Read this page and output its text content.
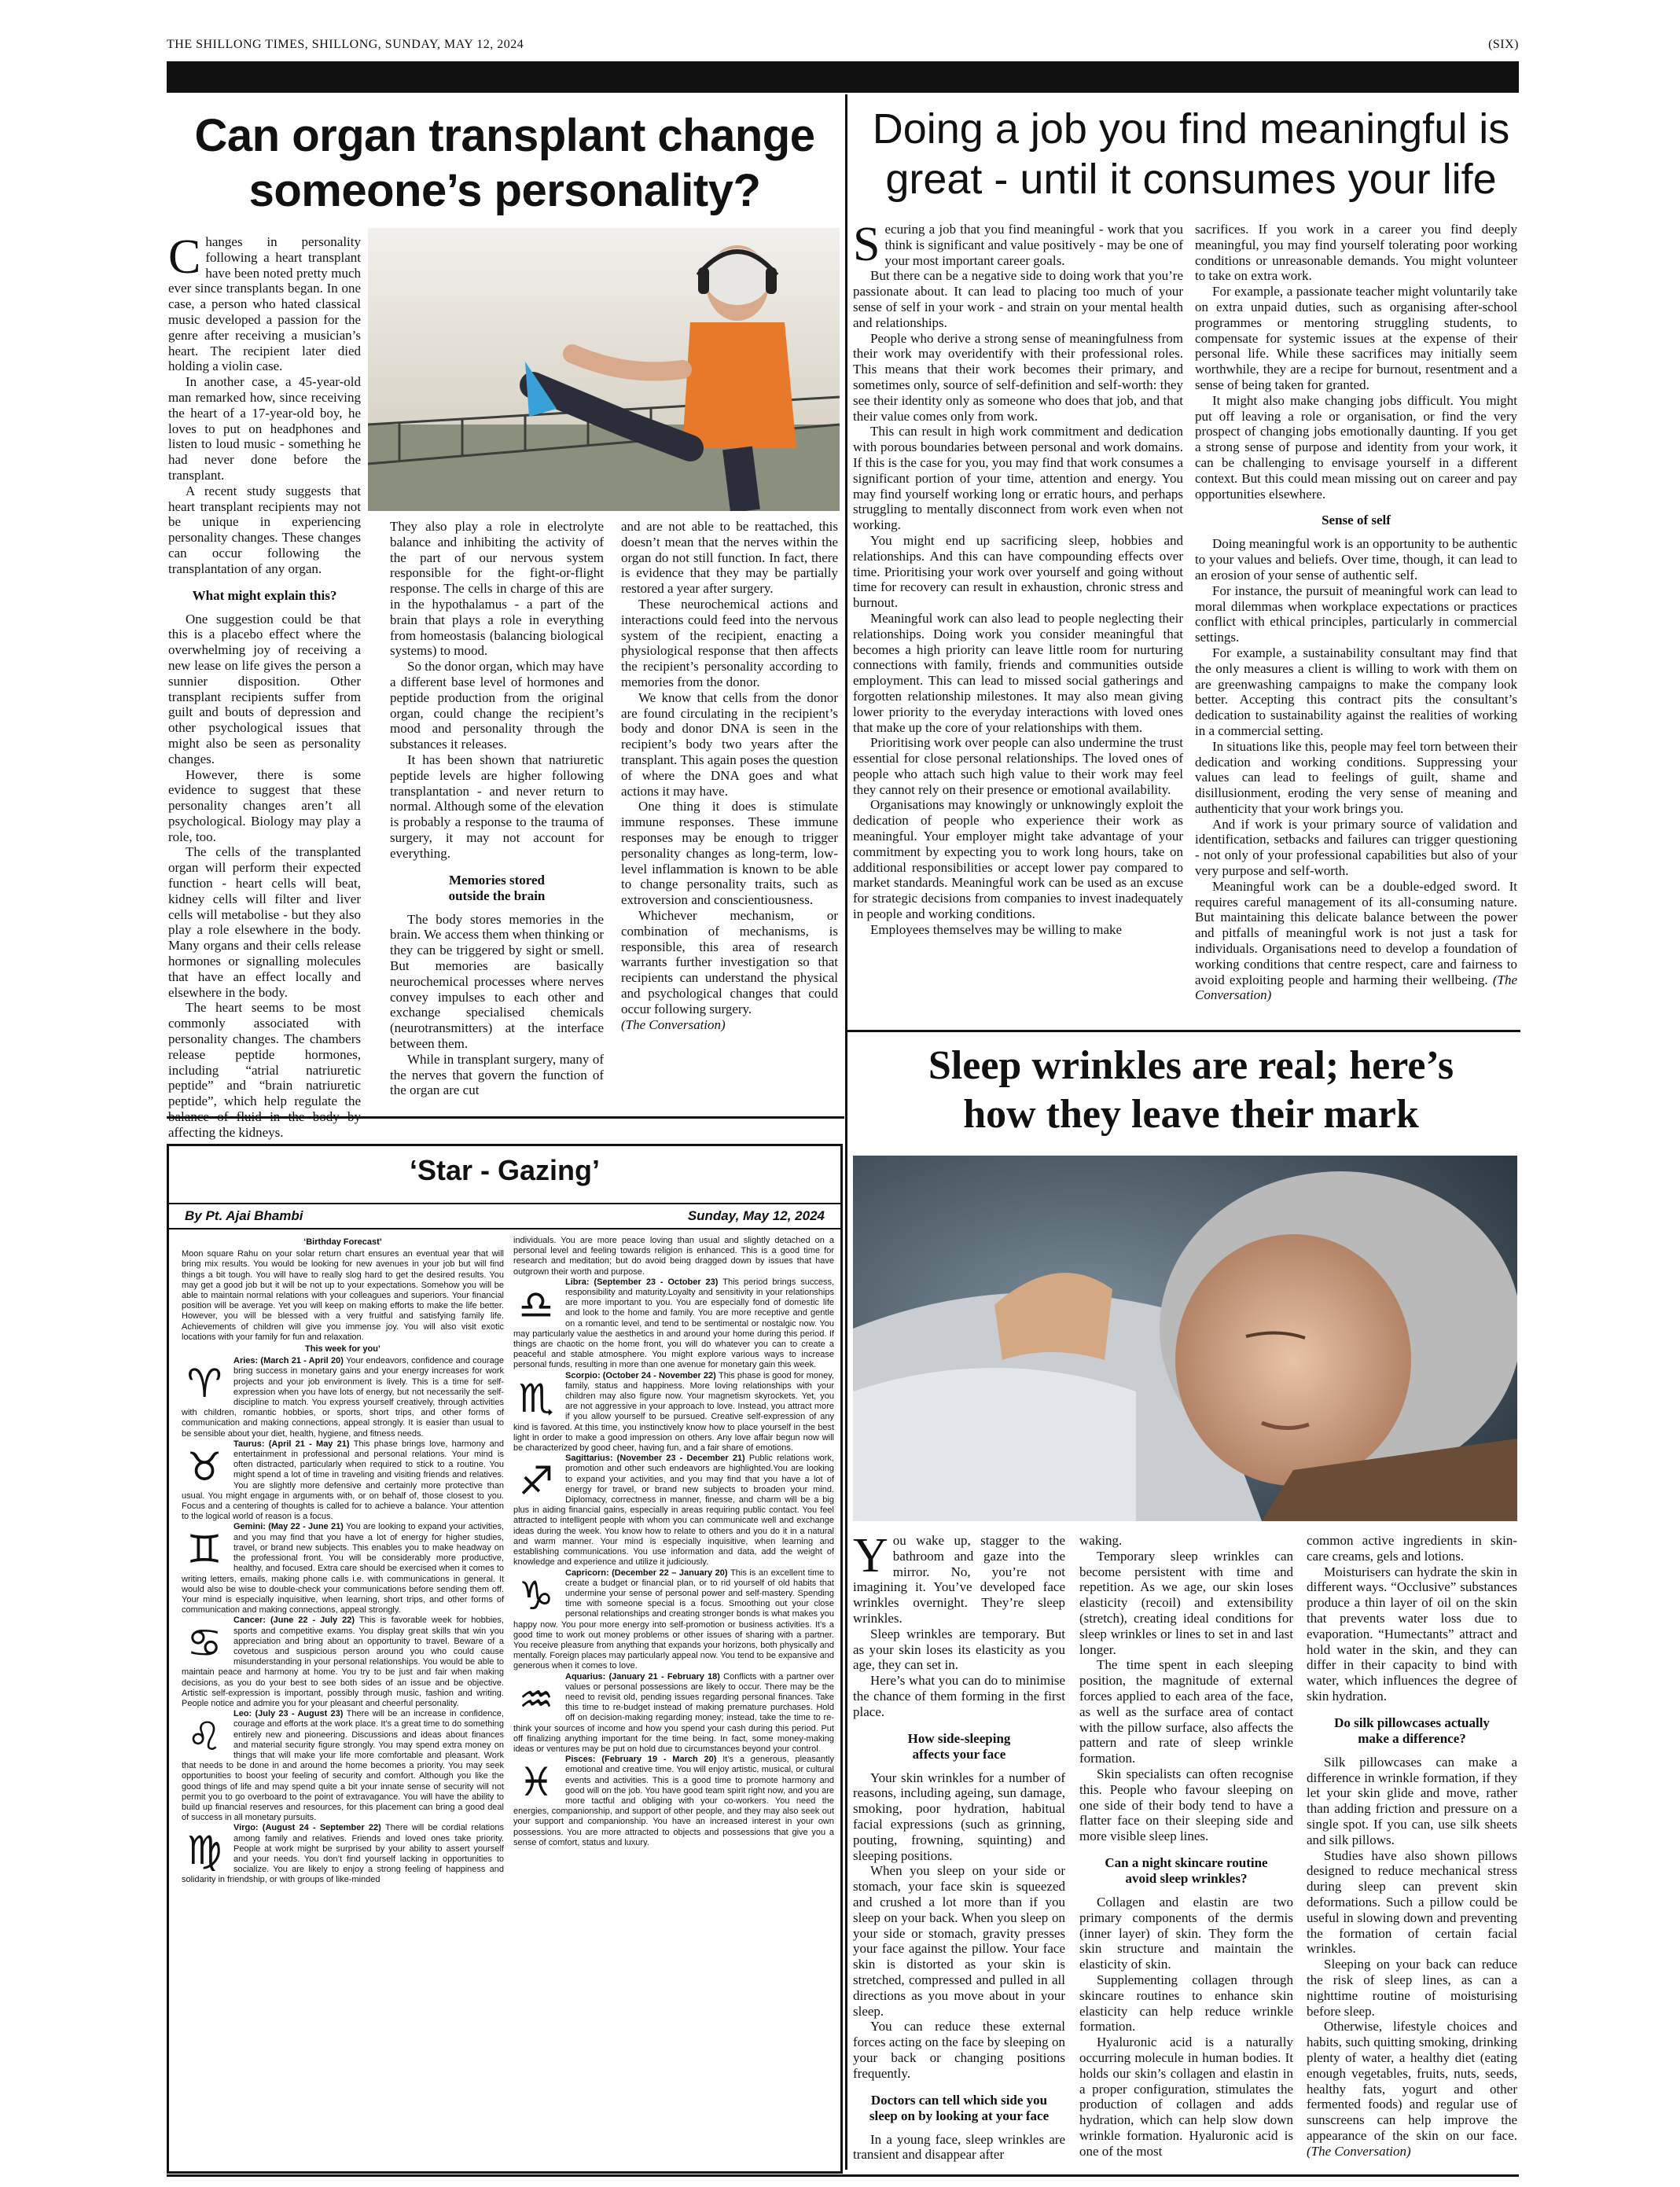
THE SHILLONG TIMES, SHILLONG, SUNDAY, MAY 12, 2024	(SIX)
Can organ transplant change
someone’s personality?

Changes in personality following a heart transplant have been noted pretty much ever since transplants began. In one case, a person who hated classical music developed a passion for the genre after receiving a musician’s heart. The recipient later died holding a violin case.

In another case, a 45-year-old man remarked how, since receiving the heart of a 17-year-old boy, he loves to put on headphones and listen to loud music - something he had never done before the transplant.

A recent study suggests that heart transplant recipients may not be unique in experiencing personality changes. These changes can occur following the transplantation of any organ.

What might explain this?

One suggestion could be that this is a placebo effect where the overwhelming joy of receiving a new lease on life gives the person a sunnier disposition. Other transplant recipients suffer from guilt and bouts of depression and other psychological issues that might also be seen as personality changes.

However, there is some evidence to suggest that these personality changes aren’t all psychological. Biology may play a role, too.

The cells of the transplanted organ will perform their expected function - heart cells will beat, kidney cells will filter and liver cells will metabolise - but they also play a role elsewhere in the body. Many organs and their cells release hormones or signalling molecules that have an effect locally and elsewhere in the body.

The heart seems to be most commonly associated with personality changes. The chambers release peptide hormones, including “atrial natriuretic peptide” and “brain natriuretic peptide”, which help regulate the balance of fluid in the body by affecting the kidneys.

They also play a role in electrolyte balance and inhibiting the activity of the part of our nervous system responsible for the fight-or-flight response. The cells in charge of this are in the hypothalamus - a part of the brain that plays a role in everything from homeostasis (balancing biological systems) to mood.

So the donor organ, which may have a different base level of hormones and peptide production from the original organ, could change the recipient’s mood and personality through the substances it releases.

It has been shown that natriuretic peptide levels are higher following transplantation - and never return to normal. Although some of the elevation is probably a response to the trauma of surgery, it may not account for everything.

Memories stored
outside the brain

The body stores memories in the brain. We access them when thinking or they can be triggered by sight or smell. But memories are basically neurochemical processes where nerves convey impulses to each other and exchange specialised chemicals (neurotransmitters) at the interface between them.

While in transplant surgery, many of the nerves that govern the function of the organ are cut

and are not able to be reattached, this doesn’t mean that the nerves within the organ do not still function. In fact, there is evidence that they may be partially restored a year after surgery.

These neurochemical actions and interactions could feed into the nervous system of the recipient, enacting a physiological response that then affects the recipient’s personality according to memories from the donor.

We know that cells from the donor are found circulating in the recipient’s body and donor DNA is seen in the recipient’s body two years after the transplant. This again poses the question of where the DNA goes and what actions it may have.

One thing it does is stimulate immune responses. These immune responses may be enough to trigger personality changes as long-term, low-level inflammation is known to be able to change personality traits, such as extroversion and conscientiousness.

Whichever mechanism, or combination of mechanisms, is responsible, this area of research warrants further investigation so that recipients can understand the physical and psychological changes that could occur following surgery.

(The Conversation)
Doing a job you find meaningful is
great - until it consumes your life

Securing a job that you find meaningful - work that you think is significant and value positively - may be one of your most important career goals.

But there can be a negative side to doing work that you’re passionate about. It can lead to placing too much of your sense of self in your work - and strain on your mental health and relationships.

People who derive a strong sense of meaningfulness from their work may overidentify with their professional roles. This means that their work becomes their primary, and sometimes only, source of self-definition and self-worth: they see their identity only as someone who does that job, and that their value comes only from work.

This can result in high work commitment and dedication with porous boundaries between personal and work domains. If this is the case for you, you may find that work consumes a significant portion of your time, attention and energy. You may find yourself working long or erratic hours, and perhaps struggling to mentally disconnect from work even when not working.

You might end up sacrificing sleep, hobbies and relationships. And this can have compounding effects over time. Prioritising your work over yourself and going without time for recovery can result in exhaustion, chronic stress and burnout.

Meaningful work can also lead to people neglecting their relationships. Doing work you consider meaningful that becomes a high priority can leave little room for nurturing connections with family, friends and communities outside employment. This can lead to missed social gatherings and forgotten relationship milestones. It may also mean giving lower priority to the everyday interactions with loved ones that make up the core of your relationships with them.

Prioritising work over people can also undermine the trust essential for close personal relationships. The loved ones of people who attach such high value to their work may feel they cannot rely on their presence or emotional availability.

Organisations may knowingly or unknowingly exploit the dedication of people who experience their work as meaningful. Your employer might take advantage of your commitment by expecting you to work long hours, take on additional responsibilities or accept lower pay compared to market standards. Meaningful work can be used as an excuse for strategic decisions from companies to invest inadequately in people and working conditions.

Employees themselves may be willing to make

sacrifices. If you work in a career you find deeply meaningful, you may find yourself tolerating poor working conditions or unreasonable demands. You might volunteer to take on extra work.

For example, a passionate teacher might voluntarily take on extra unpaid duties, such as organising after-school programmes or mentoring struggling students, to compensate for systemic issues at the expense of their personal life. While these sacrifices may initially seem worthwhile, they are a recipe for burnout, resentment and a sense of being taken for granted.

It might also make changing jobs difficult. You might put off leaving a role or organisation, or find the very prospect of changing jobs emotionally daunting. If you get a strong sense of purpose and identity from your work, it can be challenging to envisage yourself in a different context. But this could mean missing out on career and pay opportunities elsewhere.

Sense of self

Doing meaningful work is an opportunity to be authentic to your values and beliefs. Over time, though, it can lead to an erosion of your sense of authentic self.

For instance, the pursuit of meaningful work can lead to moral dilemmas when workplace expectations or practices conflict with ethical principles, particularly in commercial settings.

For example, a sustainability consultant may find that the only measures a client is willing to work with them on are greenwashing campaigns to make the company look better. Accepting this contract pits the consultant’s dedication to sustainability against the realities of working in a commercial setting.

In situations like this, people may feel torn between their dedication and working conditions. Suppressing your values can lead to feelings of guilt, shame and disillusionment, eroding the very sense of meaning and authenticity that your work brings you.

And if work is your primary source of validation and identification, setbacks and failures can trigger questioning - not only of your professional capabilities but also of your very purpose and self-worth.

Meaningful work can be a double-edged sword. It requires careful management of its all-consuming nature. But maintaining this delicate balance between the power and pitfalls of meaningful work is not just a task for individuals. Organisations need to develop a foundation of working conditions that centre respect, care and fairness to avoid exploiting people and harming their wellbeing. (The Conversation)

Sleep wrinkles are real; here’s
how they leave their mark

You wake up, stagger to the bathroom and gaze into the mirror. No, you’re not imagining it. You’ve developed face wrinkles overnight. They’re sleep wrinkles.

Sleep wrinkles are temporary. But as your skin loses its elasticity as you age, they can set in.

Here’s what you can do to minimise the chance of them forming in the first place.

How side-sleeping
affects your face

Your skin wrinkles for a number of reasons, including ageing, sun damage, smoking, poor hydration, habitual facial expressions (such as grinning, pouting, frowning, squinting) and sleeping positions.

When you sleep on your side or stomach, your face skin is squeezed and crushed a lot more than if you sleep on your back. When you sleep on your side or stomach, gravity presses your face against the pillow. Your face skin is distorted as your skin is stretched, compressed and pulled in all directions as you move about in your sleep.

You can reduce these external forces acting on the face by sleeping on your back or changing positions frequently.

Doctors can tell which side you
sleep on by looking at your face

In a young face, sleep wrinkles are transient and disappear after

waking.

Temporary sleep wrinkles can become persistent with time and repetition. As we age, our skin loses elasticity (recoil) and extensibility (stretch), creating ideal conditions for sleep wrinkles or lines to set in and last longer.

The time spent in each sleeping position, the magnitude of external forces applied to each area of the face, as well as the surface area of contact with the pillow surface, also affects the pattern and rate of sleep wrinkle formation.

Skin specialists can often recognise this. People who favour sleeping on one side of their body tend to have a flatter face on their sleeping side and more visible sleep lines.

Can a night skincare routine
avoid sleep wrinkles?

Collagen and elastin are two primary components of the dermis (inner layer) of skin. They form the skin structure and maintain the elasticity of skin.

Supplementing collagen through skincare routines to enhance skin elasticity can help reduce wrinkle formation.

Hyaluronic acid is a naturally occurring molecule in human bodies. It holds our skin’s collagen and elastin in a proper configuration, stimulates the production of collagen and adds hydration, which can help slow down wrinkle formation. Hyaluronic acid is one of the most

common active ingredients in skin-care creams, gels and lotions.

Moisturisers can hydrate the skin in different ways. “Occlusive” substances produce a thin layer of oil on the skin that prevents water loss due to evaporation. “Humectants” attract and hold water in the skin, and they can differ in their capacity to bind with water, which influences the degree of skin hydration.

Do silk pillowcases actually
make a difference?

Silk pillowcases can make a difference in wrinkle formation, if they let your skin glide and move, rather than adding friction and pressure on a single spot. If you can, use silk sheets and silk pillows.

Studies have also shown pillows designed to reduce mechanical stress during sleep can prevent skin deformations. Such a pillow could be useful in slowing down and preventing the formation of certain facial wrinkles.

Sleeping on your back can reduce the risk of sleep lines, as can a nighttime routine of moisturising before sleep.

Otherwise, lifestyle choices and habits, such quitting smoking, drinking plenty of water, a healthy diet (eating enough vegetables, fruits, nuts, seeds, healthy fats, yogurt and other fermented foods) and regular use of sunscreens can help improve the appearance of the skin on our face. (The Conversation)

‘Star - Gazing’
By Pt. Ajai Bhambi	Sunday, May 12, 2024

‘Birthday Forecast’

Moon square Rahu on your solar return chart ensures an eventual year that will bring mix results. You would be looking for new avenues in your job but will find things a bit tough. You will have to really slog hard to get the desired results. You may get a good job but it will be not up to your expectations. Somehow you will be able to maintain normal relations with your colleagues and superiors. Your financial position will be average. Yet you will keep on making efforts to make the life better. However, you will be blessed with a very fruitful and satisfying family life. Achievements of children will give you immense joy. You will also visit exotic locations with your family for fun and relaxation.

This week for you’

Aries: (March 21 - April 20)
♈	Your endeavors, confidence and courage bring success in monetary gains and your energy increases for work projects and your job environment is lively. This is a time for self-expression when you have lots of energy, but not necessarily the self-discipline to match. You express yourself creatively, through activities with children, romantic hobbies, or sports, short trips, and other forms of communication and making connections, appeal strongly. It is easier than usual to be sensible about your diet, health, hygiene, and fitness needs.

Taurus: (April 21 - May 21)
♉	This phase brings love, harmony and entertainment in professional and personal relations. Your mind is often distracted, particularly when required to stick to a routine. You might spend a lot of time in traveling and visiting friends and relatives. You are slightly more defensive and certainly more protective than usual. You might engage in arguments with, or on behalf of, those closest to you. Focus and a centering of thoughts is called for to achieve a balance. Your attention to the logical world of reason is a focus.

Gemini: (May 22 - June 21)
♊	You are looking to expand your activities, and you may find that you have a lot of energy for higher studies, travel, or brand new subjects. This enables you to make headway on the professional front. You will be considerably more productive, healthy, and focused. Extra care should be exercised when it comes to writing letters, emails, making phone calls i.e. with communications in general. It would also be wise to double-check your communications before sending them off. Your mind is especially inquisitive, when learning, short trips, and other forms of communication and making connections, appeal strongly.

Cancer: (June 22 - July 22)
♋	This is favorable week for hobbies, sports and competitive exams. You display great skills that win you appreciation and bring about an opportunity to travel. Beware of a covetous and suspicious person around you who could cause misunderstanding in your personal relationships. You would be able to maintain peace and harmony at home. You try to be just and fair when making decisions, as you do your best to see both sides of an issue and be objective. Artistic self-expression is important, possibly through music, fashion and writing. People notice and admire you for your pleasant and cheerful personality.

Leo: (July 23 - August 23)
♌	There will be an increase in confidence, courage and efforts at the work place. It’s a great time to do something entirely new and pioneering. Discussions and ideas about finances and material security figure strongly. You may spend extra money on things that will make your life more comfortable and pleasant. Work that needs to be done in and around the home becomes a priority. You may seek opportunities to boost your feeling of security and comfort. Although you like the good things of life and may spend quite a bit your innate sense of security will not permit you to go overboard to the point of extravagance. You will have the ability to build up financial reserves and resources, for this placement can bring a good deal of success in all monetary pursuits.

Virgo: (August 24 - September 22)
♍	There will be cordial relations among family and relatives. Friends and loved ones take priority. People at work might be surprised by your ability to assert yourself and your needs. You don’t find yourself lacking in opportunities to socialize. You are likely to enjoy a strong feeling of happiness and solidarity in friendship, or with groups of like-minded

individuals. You are more peace loving than usual and slightly detached on a personal level and feeling towards religion is enhanced. This is a good time for research and meditation; but do avoid being dragged down by issues that have outgrown their worth and purpose.

Libra: (September 23 - October 23)
♎	This period brings success, responsibility and maturity.Loyalty and sensitivity in your relationships are more important to you. You are especially fond of domestic life and look to the home and family. You are more receptive and gentle on a romantic level, and tend to be sentimental or nostalgic now. You may particularly value the aesthetics in and around your home during this period. If things are chaotic on the home front, you will do whatever you can to create a peaceful and stable atmosphere. You might explore various ways to increase personal funds, resulting in more than one avenue for monetary gain this week.

Scorpio: (October 24 - November 22)
♏	This phase is good for money, family, status and happiness. More loving relationships with your children may also figure now. Your magnetism skyrockets. Yet, you are not aggressive in your approach to love. Instead, you attract more if you allow yourself to be pursued. Creative self-expression of any kind is favored. At this time, you instinctively know how to place yourself in the best light in order to make a good impression on others. Any love affair begun now will be characterized by good cheer, having fun, and a fair share of emotions.

Sagittarius: (November 23 - December 21)
♐	Public relations work, promotion and other such endeavors are highlighted.You are looking to expand your activities, and you may find that you have a lot of energy for travel, or brand new subjects to broaden your mind. Diplomacy, correctness in manner, finesse, and charm will be a big plus in aiding financial gains, especially in areas requiring public contact. You feel attracted to intelligent people with whom you can communicate well and exchange ideas during the week. You know how to relate to others and you do it in a natural and warm manner. Your mind is especially inquisitive, when learning and establishing communications. You use information and data, add the weight of knowledge and experience and utilize it judiciously.

Capricorn: (December 22 – January 20)
♑	This is an excellent time to create a budget or financial plan, or to rid yourself of old habits that undermine your sense of personal power and self-mastery. Spending time with someone special is a focus. Smoothing out your close personal relationships and creating stronger bonds is what makes you happy now. You pour more energy into self-promotion or business activities. It’s a good time to work out money problems or other issues of sharing with a partner. You receive pleasure from anything that expands your horizons, both physically and mentally. Foreign places may particularly appeal now. You tend to be expansive and generous when it comes to love.

Aquarius: (January 21 - February 18)
♒	Conflicts with a partner over values or personal possessions are likely to occur. There may be the need to revisit old, pending issues regarding personal finances. Take this time to re-budget instead of making premature purchases. Hold off on decision-making regarding money; instead, take the time to re-think your sources of income and how you spend your cash during this period. Put off finalizing anything important for the time being. In fact, some money-making ideas or ventures may be put on hold due to circumstances beyond your control.

Pisces: (February 19 - March 20)
♓	It’s a generous, pleasantly emotional and creative time. You will enjoy artistic, musical, or cultural events and activities. This is a good time to promote harmony and good will on the job. You have good team spirit right now, and you are more tactful and obliging with your co-workers. You need the energies, companionship, and support of other people, and they may also seek out your support and companionship. You have an increased interest in your own possessions. You are more attracted to objects and possessions that give you a sense of comfort, status and luxury.
